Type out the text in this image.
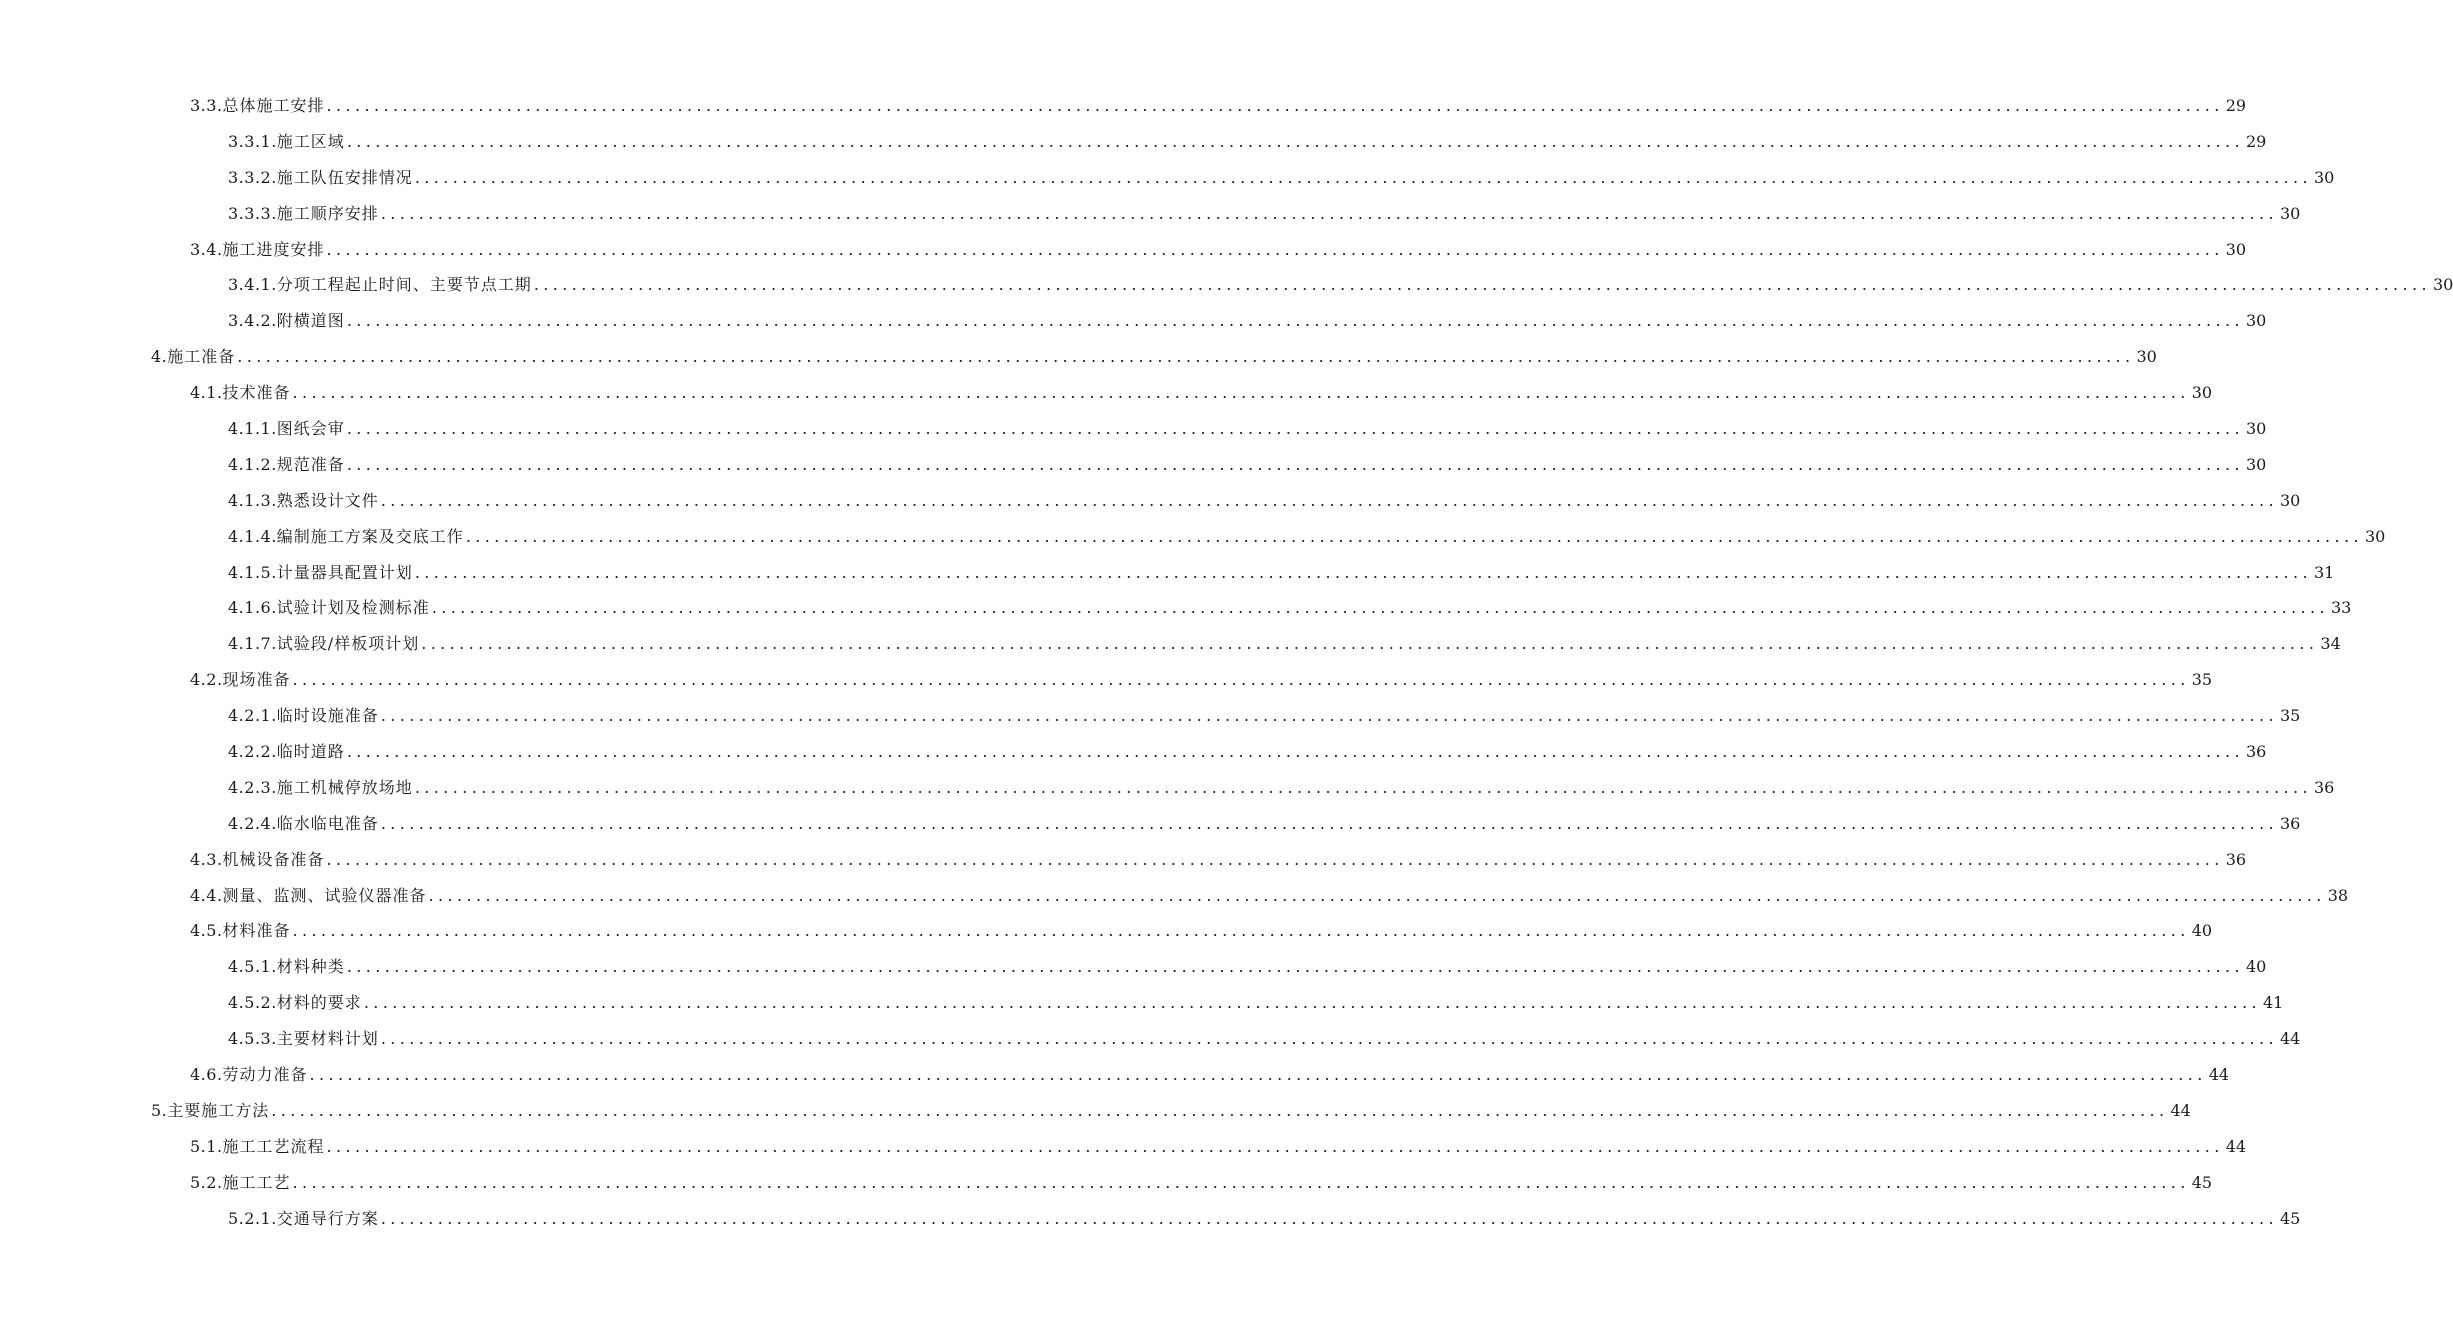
3.3. 总体施工安排 ........................................................................................................................................................................................................ 29
3.3.1. 施工区域 ........................................................................................................................................................................................................ 29
3.3.2. 施工队伍安排情况 ........................................................................................................................................................................................................ 30
3.3.3. 施工顺序安排 ........................................................................................................................................................................................................ 30
3.4. 施工进度安排 ........................................................................................................................................................................................................ 30
3.4.1. 分项工程起止时间、主要节点工期 ........................................................................................................................................................................................................ 30
3.4.2. 附横道图 ........................................................................................................................................................................................................ 30
4. 施工准备 ........................................................................................................................................................................................................ 30
4.1. 技术准备 ........................................................................................................................................................................................................ 30
4.1.1. 图纸会审 ........................................................................................................................................................................................................ 30
4.1.2. 规范准备 ........................................................................................................................................................................................................ 30
4.1.3. 熟悉设计文件 ........................................................................................................................................................................................................ 30
4.1.4. 编制施工方案及交底工作 ........................................................................................................................................................................................................ 30
4.1.5. 计量器具配置计划 ........................................................................................................................................................................................................ 31
4.1.6. 试验计划及检测标准 ........................................................................................................................................................................................................ 33
4.1.7. 试验段/样板项计划 ........................................................................................................................................................................................................ 34
4.2. 现场准备 ........................................................................................................................................................................................................ 35
4.2.1. 临时设施准备 ........................................................................................................................................................................................................ 35
4.2.2. 临时道路 ........................................................................................................................................................................................................ 36
4.2.3. 施工机械停放场地 ........................................................................................................................................................................................................ 36
4.2.4. 临水临电准备 ........................................................................................................................................................................................................ 36
4.3. 机械设备准备 ........................................................................................................................................................................................................ 36
4.4. 测量、监测、试验仪器准备 ........................................................................................................................................................................................................ 38
4.5. 材料准备 ........................................................................................................................................................................................................ 40
4.5.1. 材料种类 ........................................................................................................................................................................................................ 40
4.5.2. 材料的要求 ........................................................................................................................................................................................................ 41
4.5.3. 主要材料计划 ........................................................................................................................................................................................................ 44
4.6. 劳动力准备 ........................................................................................................................................................................................................ 44
5. 主要施工方法 ........................................................................................................................................................................................................ 44
5.1. 施工工艺流程 ........................................................................................................................................................................................................ 44
5.2. 施工工艺 ........................................................................................................................................................................................................ 45
5.2.1. 交通导行方案 ........................................................................................................................................................................................................ 45
